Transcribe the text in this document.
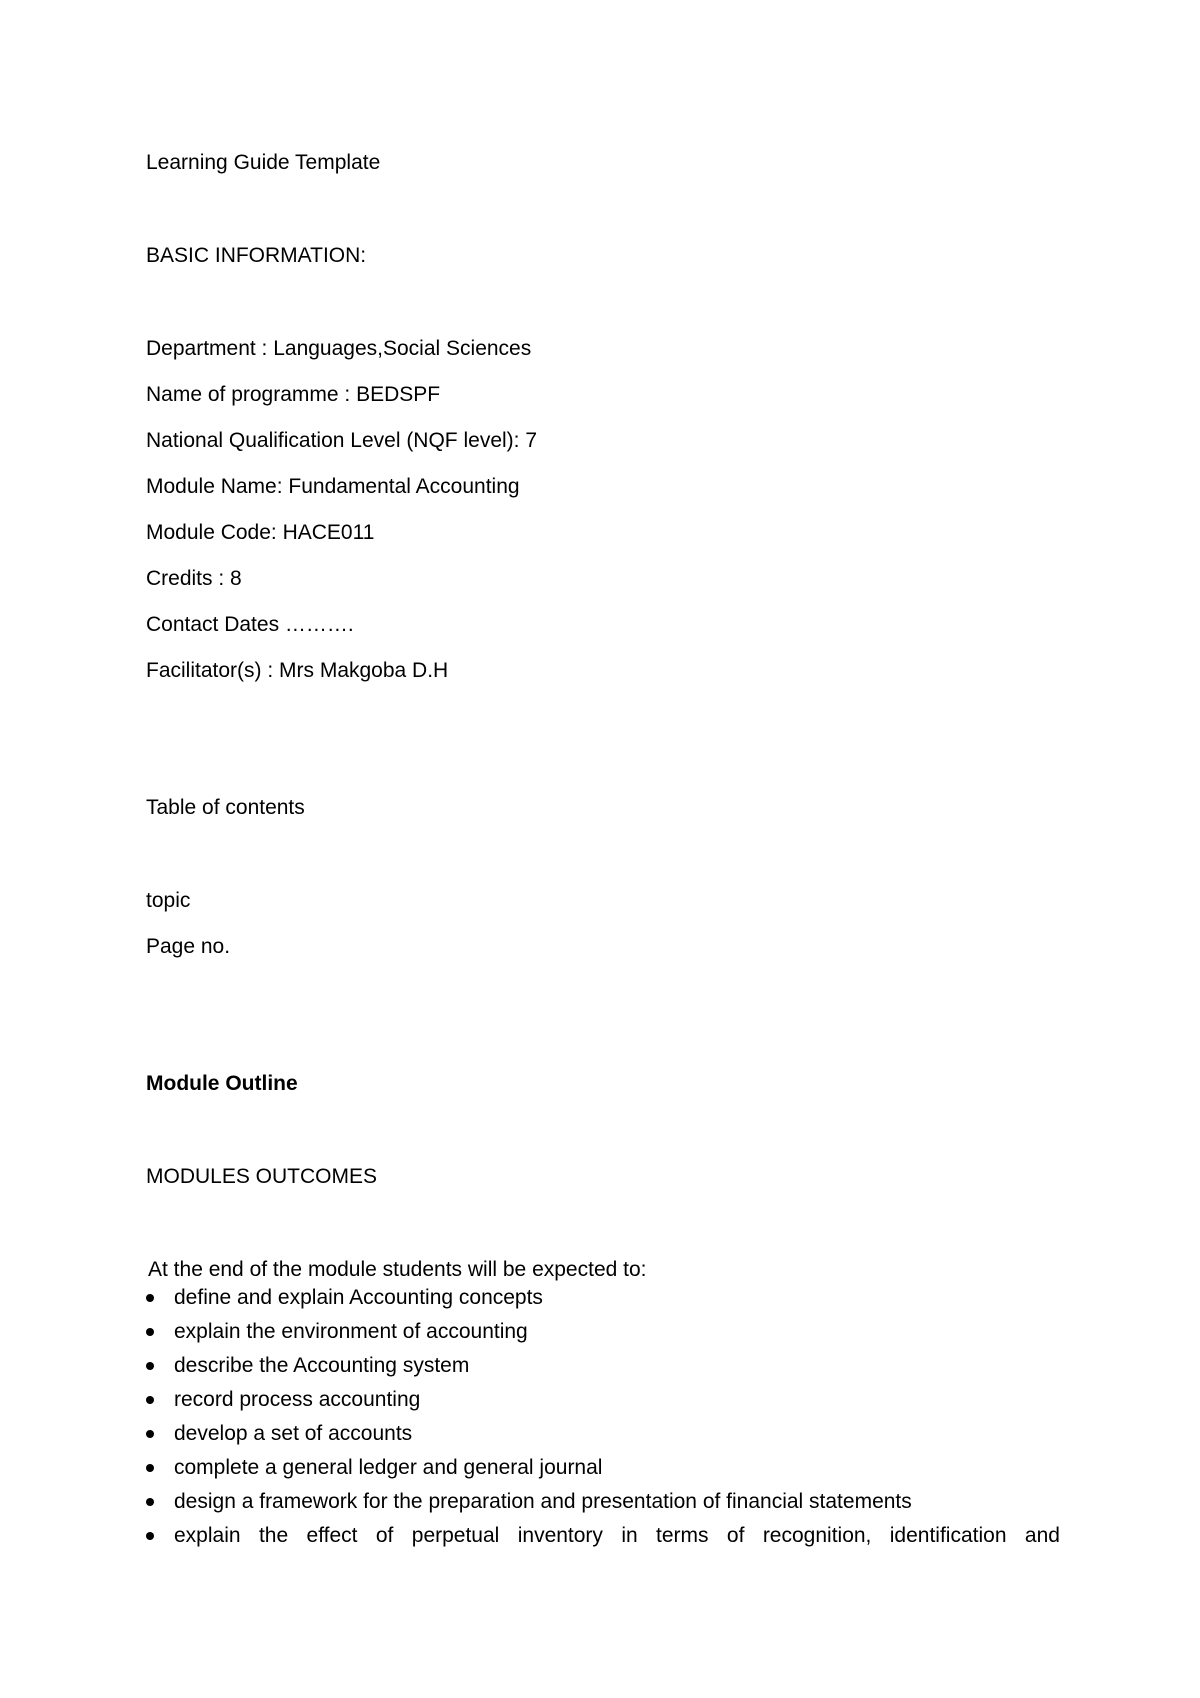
Learning Guide Template
BASIC INFORMATION:
Department : Languages,Social Sciences
Name of programme : BEDSPF
National Qualification Level (NQF level): 7
Module Name: Fundamental Accounting
Module Code: HACE011
Credits : 8
Contact Dates ……….
Facilitator(s) : Mrs Makgoba D.H
Table of contents
topic
Page no.
Module Outline
MODULES OUTCOMES
At the end of the module students will be expected to:
define and explain Accounting concepts
explain the environment of accounting
describe the Accounting system
record process accounting
develop a set of accounts
complete a general ledger and general journal
design a framework for the preparation and presentation of financial statements
explain the effect of perpetual inventory in terms of recognition, identification and
